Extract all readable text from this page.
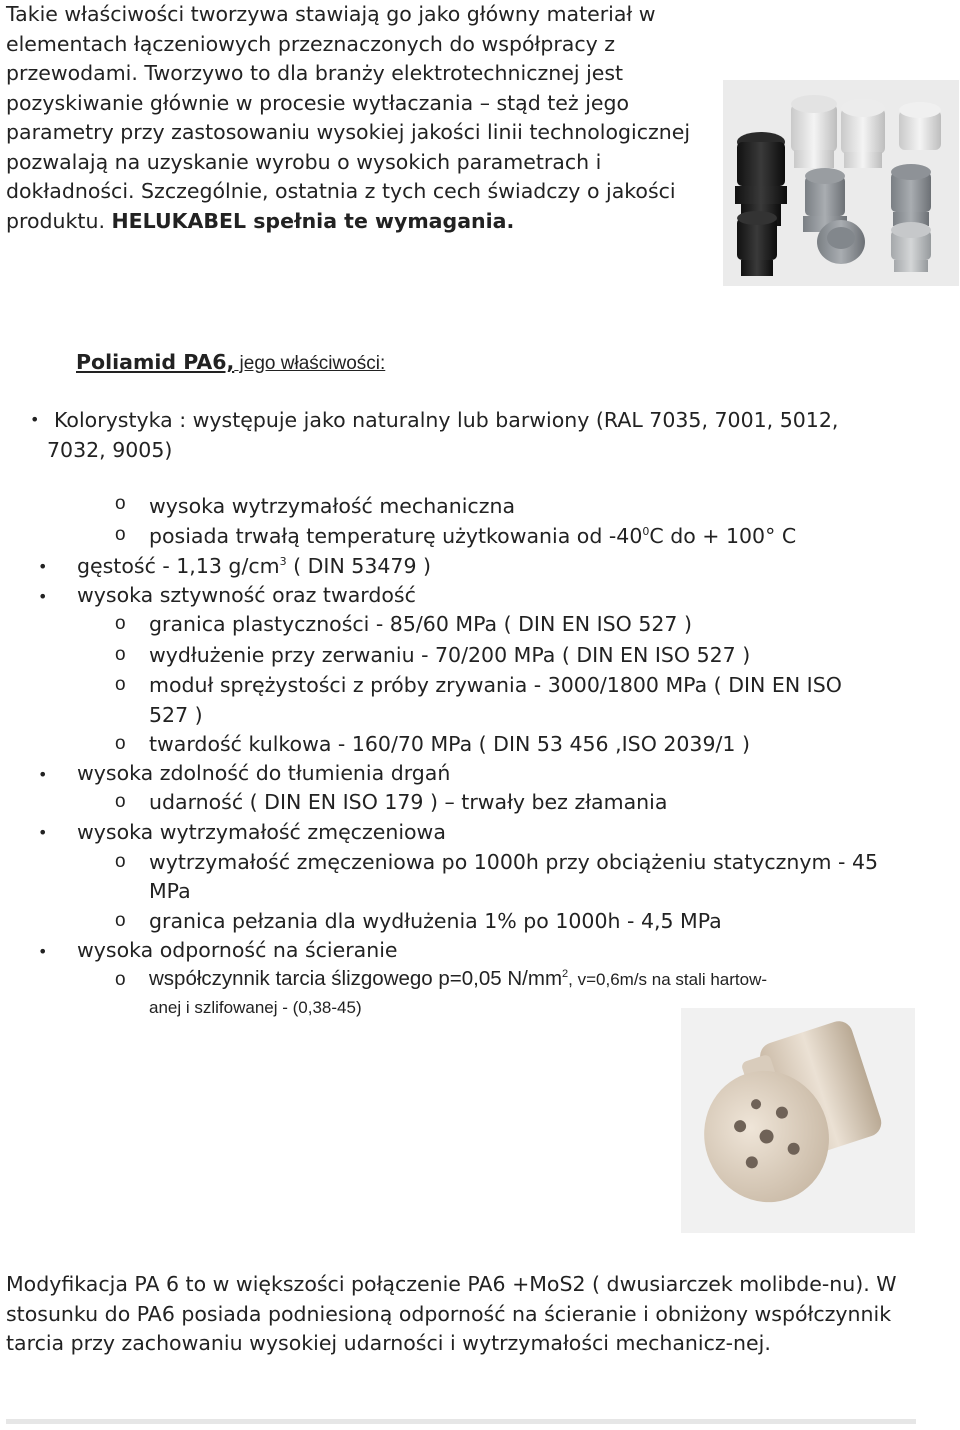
Takie właściwości tworzywa stawiają go jako główny materiał w elementach łączeniowych przeznaczonych do współpracy z przewodami. Tworzywo to dla branży elektrotechnicznej jest pozyskiwanie głównie w procesie wytłaczania – stąd też jego parametry przy zastosowaniu wysokiej jakości linii technologicznej pozwalają na uzyskanie wyrobu o wysokich parametrach i dokładności. Szczególnie, ostatnia z tych cech świadczy o jakości produktu. HELUKABEL spełnia te wymagania.
Poliamid PA6, jego właściwości:
• Kolorystyka : występuje jako naturalny lub barwiony (RAL 7035, 7001, 5012,
7032, 9005)
o wysoka wytrzymałość mechaniczna
o posiada trwałą temperaturę użytkowania od $-40^0C$ do + 100° C
• gęstość - 1,13 $g/cm^3$ ( DIN 53479 )
• wysoka sztywność oraz twardość
o granica plastyczności - 85/60 MPa ( DIN EN ISO 527 )
o wydłużenie przy zerwaniu - 70/200 MPa ( DIN EN ISO 527 )
o moduł sprężystości z próby zrywania - 3000/1800 MPa ( DIN EN ISO
527 )
o twardość kulkowa - 160/70 MPa ( DIN 53 456 ,ISO 2039/1 )
• wysoka zdolność do tłumienia drgań
o udarność ( DIN EN ISO 179 ) – trwały bez złamania
• wysoka wytrzymałość zmęczeniowa
o wytrzymałość zmęczeniowa po 1000h przy obciążeniu statycznym - 45
MPa
o granica pełzania dla wydłużenia 1% po 1000h - 4,5 MPa
• wysoka odporność na ścieranie
o współczynnik tarcia ślizgowego p=0,05 $N/mm^2$, v=0,6m/s na stali hartow-
anej i szlifowanej - (0,38-45)
Modyfikacja PA 6 to w większości połączenie PA6 +MoS2 ( dwusiarczek molibde-nu). W stosunku do PA6 posiada podniesioną odporność na ścieranie i obniżony współczynnik tarcia przy zachowaniu wysokiej udarności i wytrzymałości mechanicz-nej.
